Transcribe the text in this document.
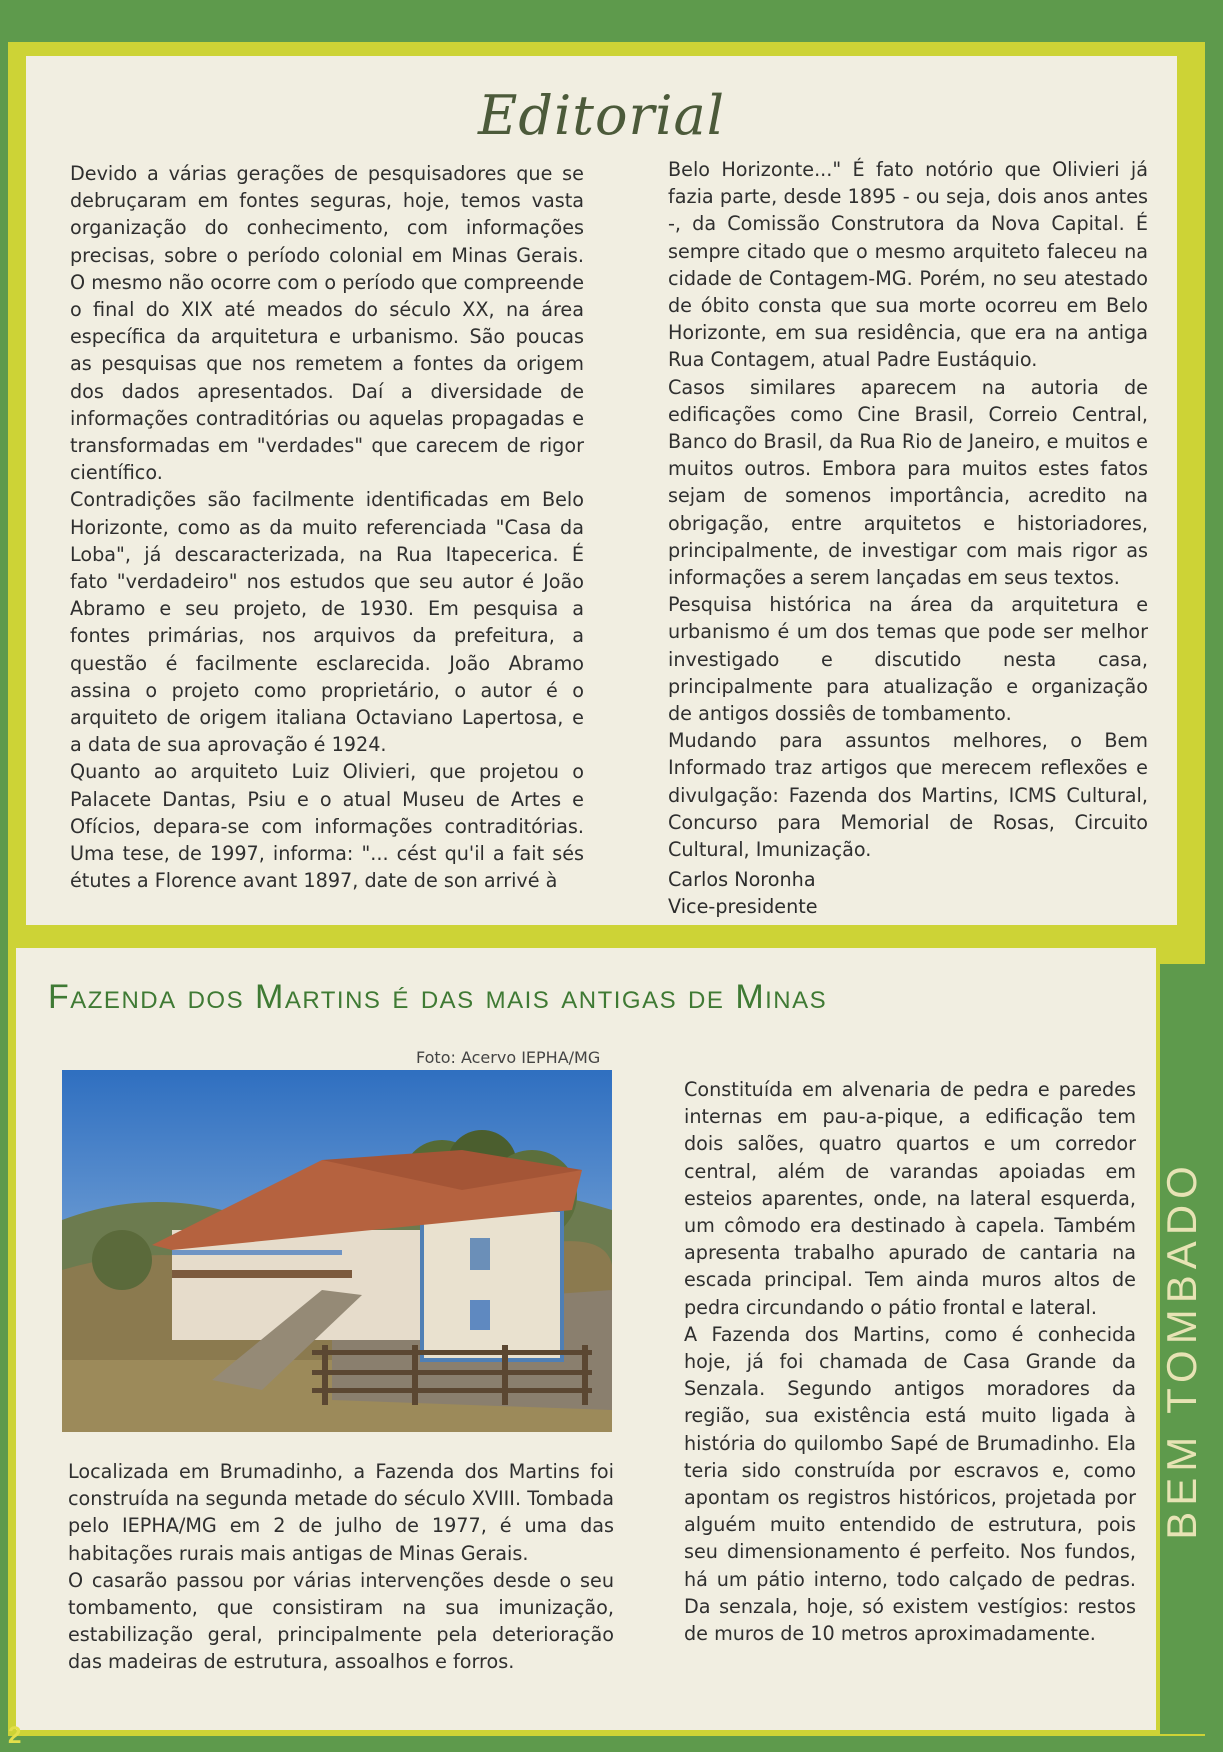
Editorial

Devido a várias gerações de pesquisadores que se debruçaram em fontes seguras, hoje, temos vasta organização do conhecimento, com informações precisas, sobre o período colonial em Minas Gerais. O mesmo não ocorre com o período que compreende o final do XIX até meados do século XX, na área específica da arquitetura e urbanismo. São poucas as pesquisas que nos remetem a fontes da origem dos dados apresentados. Daí a diversidade de informações contraditórias ou aquelas propagadas e transformadas em "verdades" que carecem de rigor científico.

Contradições são facilmente identificadas em Belo Horizonte, como as da muito referenciada "Casa da Loba", já descaracterizada, na Rua Itapecerica. É fato "verdadeiro" nos estudos que seu autor é João Abramo e seu projeto, de 1930. Em pesquisa a fontes primárias, nos arquivos da prefeitura, a questão é facilmente esclarecida. João Abramo assina o projeto como proprietário, o autor é o arquiteto de origem italiana Octaviano Lapertosa, e a data de sua aprovação é 1924.

Quanto ao arquiteto Luiz Olivieri, que projetou o Palacete Dantas, Psiu e o atual Museu de Artes e Ofícios, depara-se com informações contraditórias. Uma tese, de 1997, informa: "... cést qu'il a fait sés étutes a Florence avant 1897, date de son arrivé à

Belo Horizonte..." É fato notório que Olivieri já fazia parte, desde 1895 - ou seja, dois anos antes -, da Comissão Construtora da Nova Capital. É sempre citado que o mesmo arquiteto faleceu na cidade de Contagem-MG. Porém, no seu atestado de óbito consta que sua morte ocorreu em Belo Horizonte, em sua residência, que era na antiga Rua Contagem, atual Padre Eustáquio.

Casos similares aparecem na autoria de edificações como Cine Brasil, Correio Central, Banco do Brasil, da Rua Rio de Janeiro, e muitos e muitos outros. Embora para muitos estes fatos sejam de somenos importância, acredito na obrigação, entre arquitetos e historiadores, principalmente, de investigar com mais rigor as informações a serem lançadas em seus textos.

Pesquisa histórica na área da arquitetura e urbanismo é um dos temas que pode ser melhor investigado e discutido nesta casa, principalmente para atualização e organização de antigos dossiês de tombamento.

Mudando para assuntos melhores, o Bem Informado traz artigos que merecem reflexões e divulgação: Fazenda dos Martins, ICMS Cultural, Concurso para Memorial de Rosas, Circuito Cultural, Imunização.

Carlos Noronha
Vice-presidente
Fazenda dos Martins é das mais antigas de Minas
Foto: Acervo IEPHA/MG

Localizada em Brumadinho, a Fazenda dos Martins foi construída na segunda metade do século XVIII. Tombada pelo IEPHA/MG em 2 de julho de 1977, é uma das habitações rurais mais antigas de Minas Gerais.

O casarão passou por várias intervenções desde o seu tombamento, que consistiram na sua imunização, estabilização geral, principalmente pela deterioração das madeiras de estrutura, assoalhos e forros.

Constituída em alvenaria de pedra e paredes internas em pau-a-pique, a edificação tem dois salões, quatro quartos e um corredor central, além de varandas apoiadas em esteios aparentes, onde, na lateral esquerda, um cômodo era destinado à capela. Também apresenta trabalho apurado de cantaria na escada principal. Tem ainda muros altos de pedra circundando o pátio frontal e lateral.

A Fazenda dos Martins, como é conhecida hoje, já foi chamada de Casa Grande da Senzala. Segundo antigos moradores da região, sua existência está muito ligada à história do quilombo Sapé de Brumadinho. Ela teria sido construída por escravos e, como apontam os registros históricos, projetada por alguém muito entendido de estrutura, pois seu dimensionamento é perfeito. Nos fundos, há um pátio interno, todo calçado de pedras. Da senzala, hoje, só existem vestígios: restos de muros de 10 metros aproximadamente.

BEM TOMBADO
2
